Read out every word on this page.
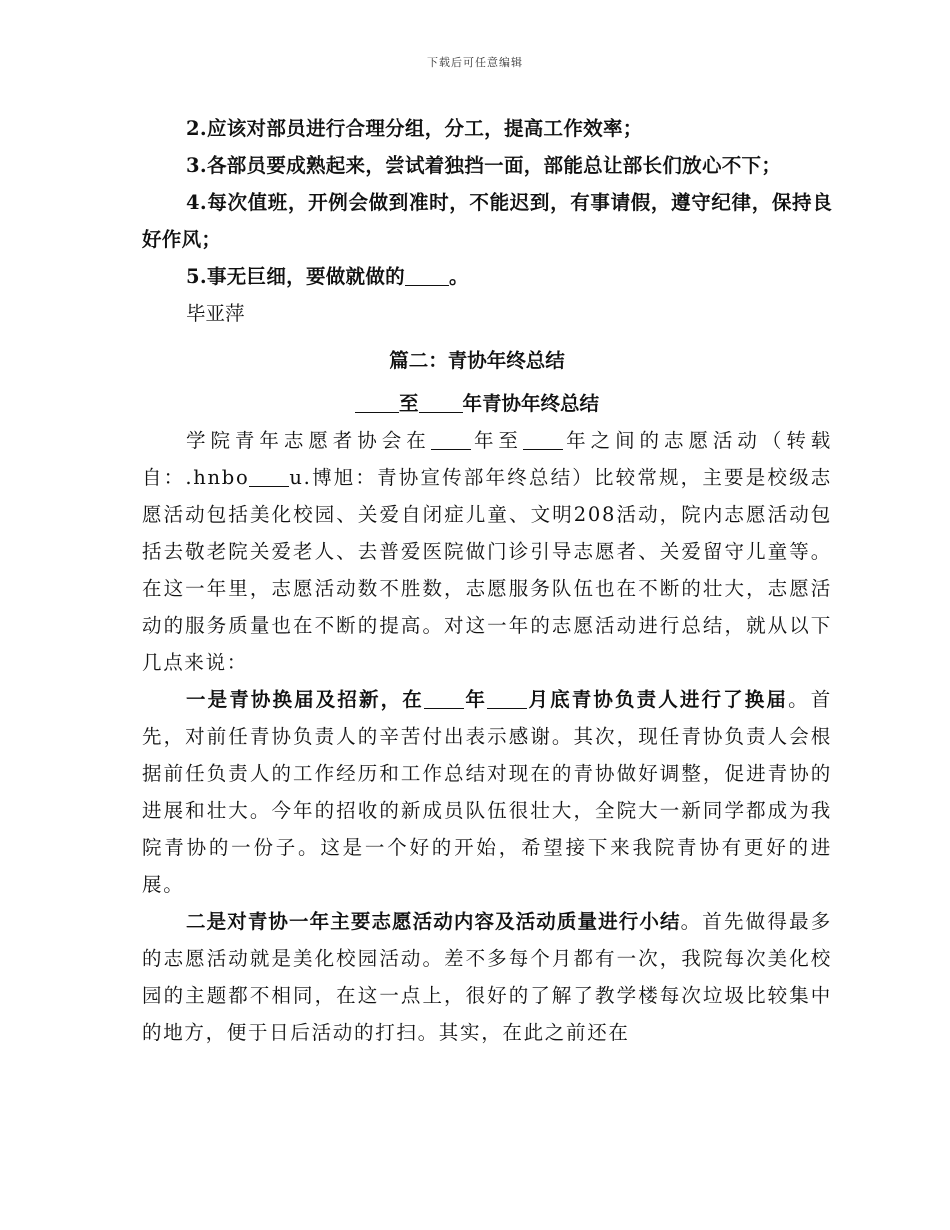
下载后可任意编辑

2.应该对部员进行合理分组，分工，提高工作效率；

3.各部员要成熟起来，尝试着独挡一面，部能总让部长们放心不下；

4.每次值班，开例会做到准时，不能迟到，有事请假，遵守纪律，保持良好作风；

5.事无巨细，要做就做的 。

毕亚萍

篇二：青协年终总结

至 年青协年终总结

学院青年志愿者协会在 年至 年之间的志愿活动（转载自：.hnbo u.博旭：青协宣传部年终总结）比较常规，主要是校级志愿活动包括美化校园、关爱自闭症儿童、文明208活动，院内志愿活动包括去敬老院关爱老人、去普爱医院做门诊引导志愿者、关爱留守儿童等。在这一年里，志愿活动数不胜数，志愿服务队伍也在不断的壮大，志愿活动的服务质量也在不断的提高。对这一年的志愿活动进行总结，就从以下几点来说：

一是青协换届及招新，在 年 月底青协负责人进行了换届。首先，对前任青协负责人的辛苦付出表示感谢。其次，现任青协负责人会根据前任负责人的工作经历和工作总结对现在的青协做好调整，促进青协的进展和壮大。今年的招收的新成员队伍很壮大，全院大一新同学都成为我院青协的一份子。这是一个好的开始，希望接下来我院青协有更好的进展。

二是对青协一年主要志愿活动内容及活动质量进行小结。首先做得最多的志愿活动就是美化校园活动。差不多每个月都有一次，我院每次美化校园的主题都不相同，在这一点上，很好的了解了教学楼每次垃圾比较集中的地方，便于日后活动的打扫。其实，在此之前还在
